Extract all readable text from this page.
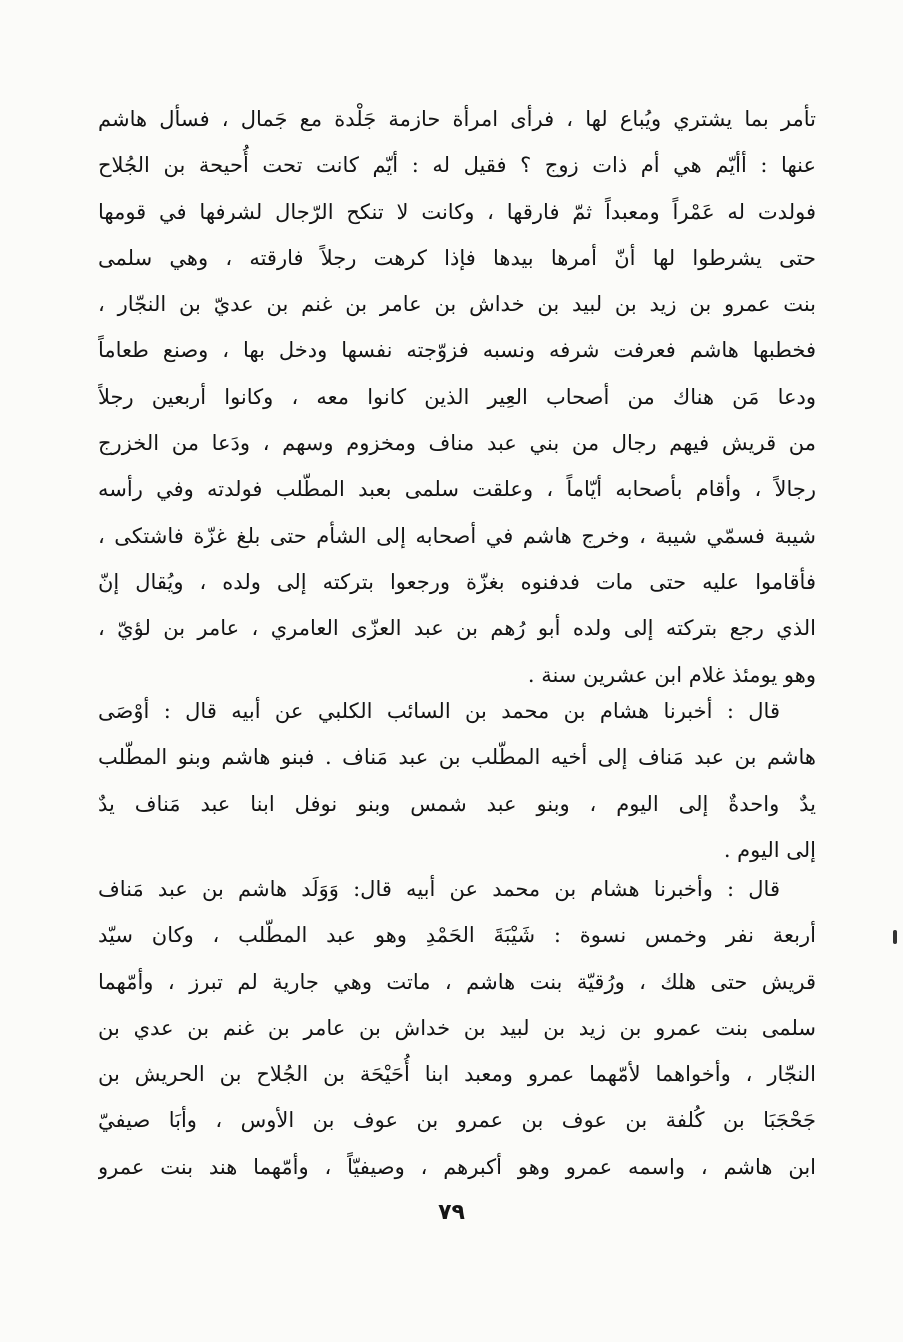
تأمر بما يشتري ويُباع لها ، فرأى امرأة حازمة جَلْدة مع جَمال ، فسأل هاشم
عنها : أأيّم هي أم ذات زوج ؟ فقيل له : أيّم كانت تحت أُحيحة بن الجُلاح
فولدت له عَمْراً ومعبداً ثمّ فارقها ، وكانت لا تنكح الرّجال لشرفها في قومها
حتى يشرطوا لها أنّ أمرها بيدها فإذا كرهت رجلاً فارقته ، وهي سلمى
بنت عمرو بن زيد بن لبيد بن خداش بن عامر بن غنم بن عديّ بن النجّار ،
فخطبها هاشم فعرفت شرفه ونسبه فزوّجته نفسها ودخل بها ، وصنع طعاماً
ودعا مَن هناك من أصحاب العِير الذين كانوا معه ، وكانوا أربعين رجلاً
من قريش فيهم رجال من بني عبد مناف ومخزوم وسهم ، ودَعا من الخزرج
رجالاً ، وأقام بأصحابه أيّاماً ، وعلقت سلمى بعبد المطّلب فولدته وفي رأسه
شيبة فسمّي شيبة ، وخرج هاشم في أصحابه إلى الشأم حتى بلغ غزّة فاشتكى ،
فأقاموا عليه حتى مات فدفنوه بغزّة ورجعوا بتركته إلى ولده ، ويُقال إنّ
الذي رجع بتركته إلى ولده أبو رُهم بن عبد العزّى العامري ، عامر بن لؤيّ ،
وهو يومئذ غلام ابن عشرين سنة .
قال : أخبرنا هشام بن محمد بن السائب الكلبي عن أبيه قال : أوْصَى
هاشم بن عبد مَناف إلى أخيه المطّلب بن عبد مَناف . فبنو هاشم وبنو المطّلب
يدٌ واحدةٌ إلى اليوم ، وبنو عبد شمس وبنو نوفل ابنا عبد مَناف يدٌ
إلى اليوم .
قال : وأخبرنا هشام بن محمد عن أبيه قال: وَوَلَد هاشم بن عبد مَناف
أربعة نفر وخمس نسوة : شَيْبَةَ الحَمْدِ وهو عبد المطّلب ، وكان سيّد
قريش حتى هلك ، ورُقيّة بنت هاشم ، ماتت وهي جارية لم تبرز ، وأمّهما
سلمى بنت عمرو بن زيد بن لبيد بن خداش بن عامر بن غنم بن عدي بن
النجّار ، وأخواهما لأمّهما عمرو ومعبد ابنا أُحَيْحَة بن الجُلاح بن الحريش بن
جَحْجَبَا بن كُلفة بن عوف بن عمرو بن عوف بن الأوس ، وأبَا صيفيّ
ابن هاشم ، واسمه عمرو وهو أكبرهم ، وصيفيّاً ، وأمّهما هند بنت عمرو
٧٩
